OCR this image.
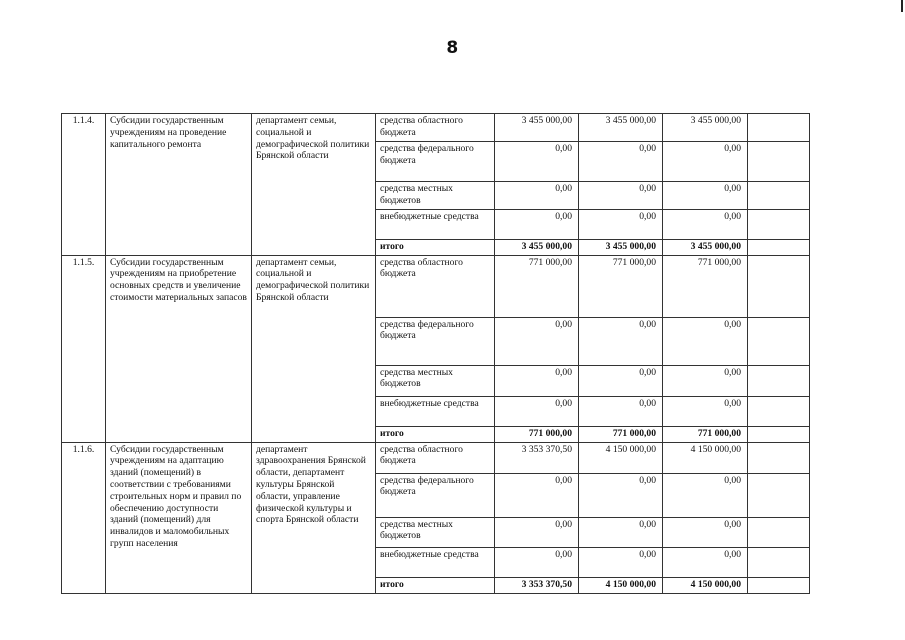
8
1.1.4.	Субсидии государственным учреждениям на проведение капитального ремонта	департамент семьи, социальной и демографической политики Брянской области	средства областного бюджета	3 455 000,00	3 455 000,00	3 455 000,00	
			средства федерального бюджета	0,00	0,00	0,00	
			средства местных бюджетов	0,00	0,00	0,00	
			внебюджетные средства	0,00	0,00	0,00	
			итого	3 455 000,00	3 455 000,00	3 455 000,00	
1.1.5.	Субсидии государственным учреждениям на приобретение основных средств и увеличение стоимости материальных запасов	департамент семьи, социальной и демографической политики Брянской области	средства областного бюджета	771 000,00	771 000,00	771 000,00	
			средства федерального бюджета	0,00	0,00	0,00	
			средства местных бюджетов	0,00	0,00	0,00	
			внебюджетные средства	0,00	0,00	0,00	
			итого	771 000,00	771 000,00	771 000,00	
1.1.6.	Субсидии государственным учреждениям на адаптацию зданий (помещений) в соответствии с требованиями строительных норм и правил по обеспечению доступности зданий (помещений) для инвалидов и маломобильных групп населения	департамент здравоохранения Брянской области, департамент культуры Брянской области, управление физической культуры и спорта Брянской области	средства областного бюджета	3 353 370,50	4 150 000,00	4 150 000,00	
			средства федерального бюджета	0,00	0,00	0,00	
			средства местных бюджетов	0,00	0,00	0,00	
			внебюджетные средства	0,00	0,00	0,00	
			итого	3 353 370,50	4 150 000,00	4 150 000,00	
